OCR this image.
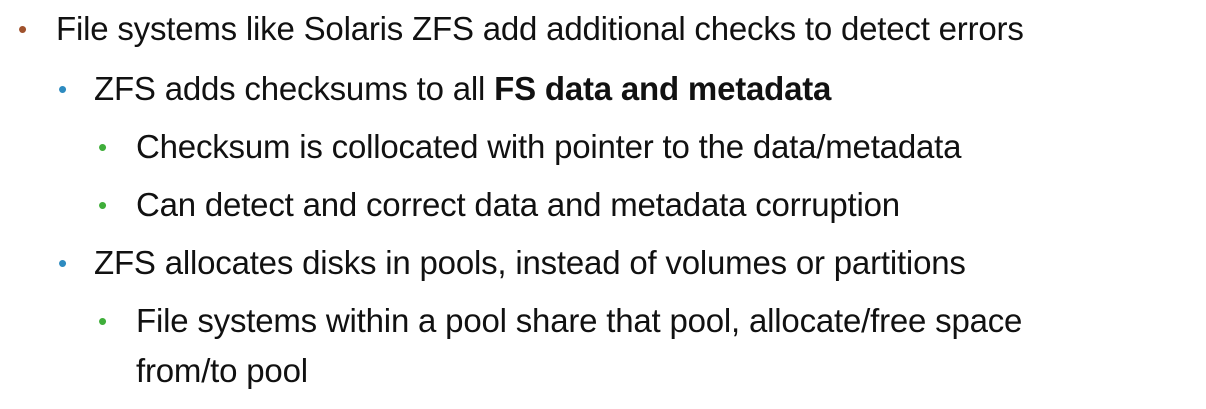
• File systems like Solaris ZFS add additional checks to detect errors
• ZFS adds checksums to all FS data and metadata
• Checksum is collocated with pointer to the data/metadata
• Can detect and correct data and metadata corruption
• ZFS allocates disks in pools, instead of volumes or partitions
• File systems within a pool share that pool, allocate/free space
from/to pool
